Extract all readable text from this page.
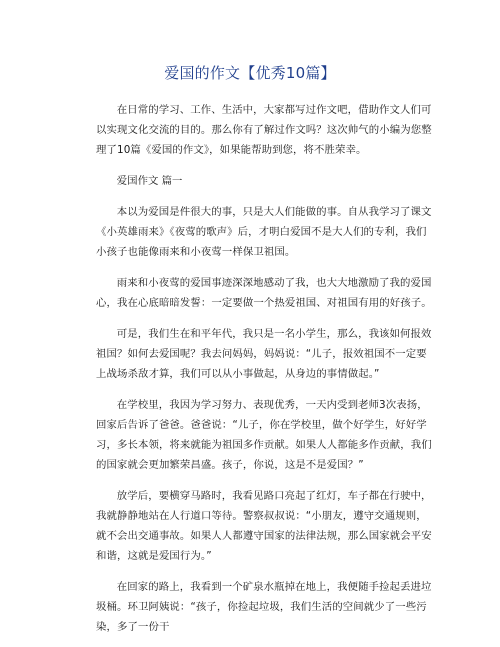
爱国的作文【优秀10篇】

在日常的学习、工作、生活中，大家都写过作文吧，借助作文人们可以实现文化交流的目的。那么你有了解过作文吗？这次帅气的小编为您整理了10篇《爱国的作文》，如果能帮助到您，将不胜荣幸。

爱国作文 篇一

本以为爱国是件很大的事，只是大人们能做的事。自从我学习了课文《小英雄雨来》《夜莺的歌声》后，才明白爱国不是大人们的专利，我们小孩子也能像雨来和小夜莺一样保卫祖国。

雨来和小夜莺的爱国事迹深深地感动了我，也大大地激励了我的爱国心，我在心底暗暗发誓：一定要做一个热爱祖国、对祖国有用的好孩子。

可是，我们生在和平年代，我只是一名小学生，那么，我该如何报效祖国？如何去爱国呢？我去问妈妈，妈妈说：“儿子，报效祖国不一定要上战场杀敌才算，我们可以从小事做起，从身边的事情做起。”

在学校里，我因为学习努力、表现优秀，一天内受到老师3次表扬，回家后告诉了爸爸。爸爸说：“儿子，你在学校里，做个好学生，好好学习，多长本领，将来就能为祖国多作贡献。如果人人都能多作贡献，我们的国家就会更加繁荣昌盛。孩子，你说，这是不是爱国？”

放学后，要横穿马路时，我看见路口亮起了红灯，车子都在行驶中，我就静静地站在人行道口等待。警察叔叔说：“小朋友，遵守交通规则，就不会出交通事故。如果人人都遵守国家的法律法规，那么国家就会平安和谐，这就是爱国行为。”

在回家的路上，我看到一个矿泉水瓶掉在地上，我便随手捡起丢进垃圾桶。环卫阿姨说：“孩子，你捡起垃圾，我们生活的空间就少了一些污染，多了一份干
